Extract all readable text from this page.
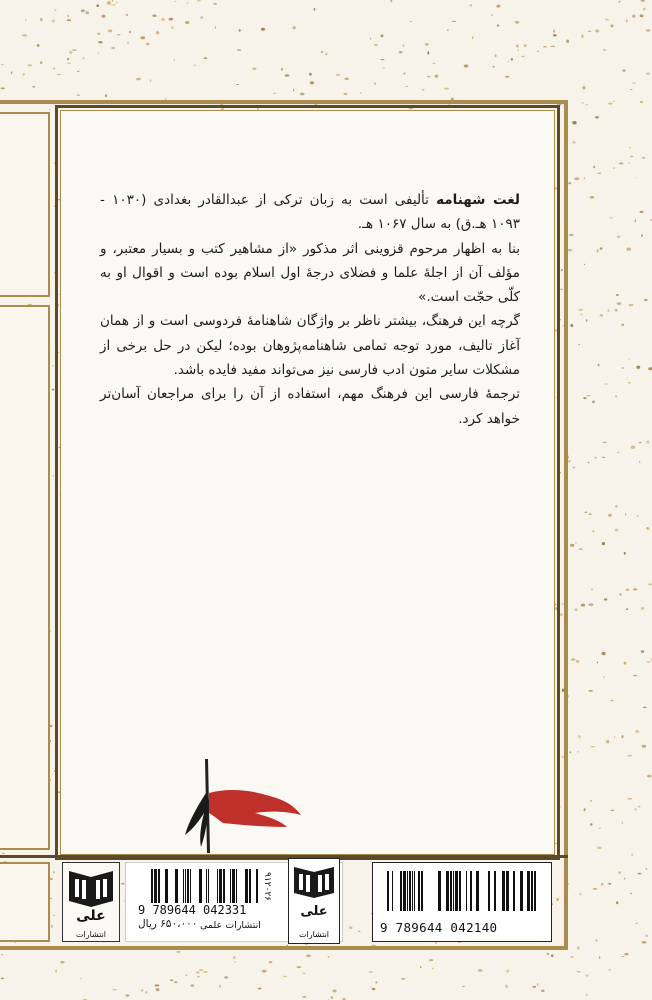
لغت شهنامه تألیفی است به زبان ترکی از عبدالقادر بغدادی (۱۰۳۰ - ۱۰۹۳ هـ.ق) به سال ۱۰۶۷ هـ.

بنا به اظهار مرحوم قزوینی اثر مذکور «از مشاهیر کتب و بسیار معتبر، و مؤلف آن از اجلهٔ علما و فضلای درجهٔ اول اسلام بوده است و اقوال او به کلّی حجّت است.»

گرچه این فرهنگ، بیشتر ناظر بر واژگان شاهنامهٔ فردوسی است و از همان آغاز تالیف، مورد توجه تمامی شاهنامه‌پژوهان بوده؛ لیکن در حل برخی از مشکلات سایر متون ادب فارسی نیز می‌تواند مفید فایده باشد.

ترجمهٔ فارسی این فرهنگ مهم، استفاده از آن را برای مراجعان آسان‌تر خواهد کرد.

علی
انتشارات
9 789644 042331
۶۵۰،۰۰۰ ریال
۹۱۲۰۲۶
علی
انتشارات
انتشارات علمی	9 789644 042140
